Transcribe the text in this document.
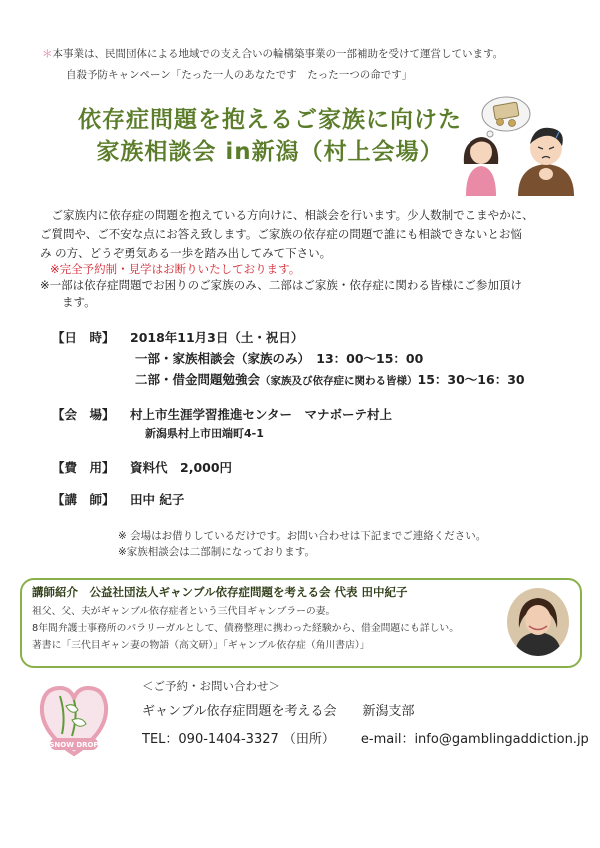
＊本事業は、民間団体による地域での支え合いの輪構築事業の一部補助を受けて運営しています。
自殺予防キャンペーン「たった一人のあなたです　たった一つの命です」
依存症問題を抱えるご家族に向けた
家族相談会 in新潟（村上会場）
　ご家族内に依存症の問題を抱えている方向けに、相談会を行います。少人数制でこまやかに、
ご質問や、ご不安な点にお答え致します。ご家族の依存症の問題で誰にも相談できないとお悩
み の方、どうぞ勇気ある一歩を踏み出してみて下さい。
※完全予約制・見学はお断りいたしております。
※一部は依存症問題でお困りのご家族のみ、二部はご家族・依存症に関わる皆様にご参加頂け
ます。
【日　時】 2018年11月3日（土・祝日）
一部・家族相談会（家族のみ）　13：00～15：00
二部・借金問題勉強会（家族及び依存症に関わる皆様）15：30～16：30
【会　場】 村上市生涯学習推進センター　マナボーテ村上
新潟県村上市田端町4-1
【費　用】 資料代　2,000円
【講　師】 田中 紀子
※ 会場はお借りしているだけです。お問い合わせは下記までご連絡ください。
※家族相談会は二部制になっております。
講師紹介　公益社団法人ギャンブル依存症問題を考える会 代表 田中紀子
祖父、父、夫がギャンブル依存症者という三代目ギャンブラーの妻。
8年間弁護士事務所のパラリーガルとして、債務整理に携わった経験から、借金問題にも詳しい。
著書に「三代目ギャン妻の物語（高文研）」「ギャンブル依存症（角川書店）」
SNOW DROP
＜ご予約・お問い合わせ＞
ギャンブル依存症問題を考える会 新潟支部
TEL：090-1404-3327 （田所） e-mail：info@gamblingaddiction.jp
